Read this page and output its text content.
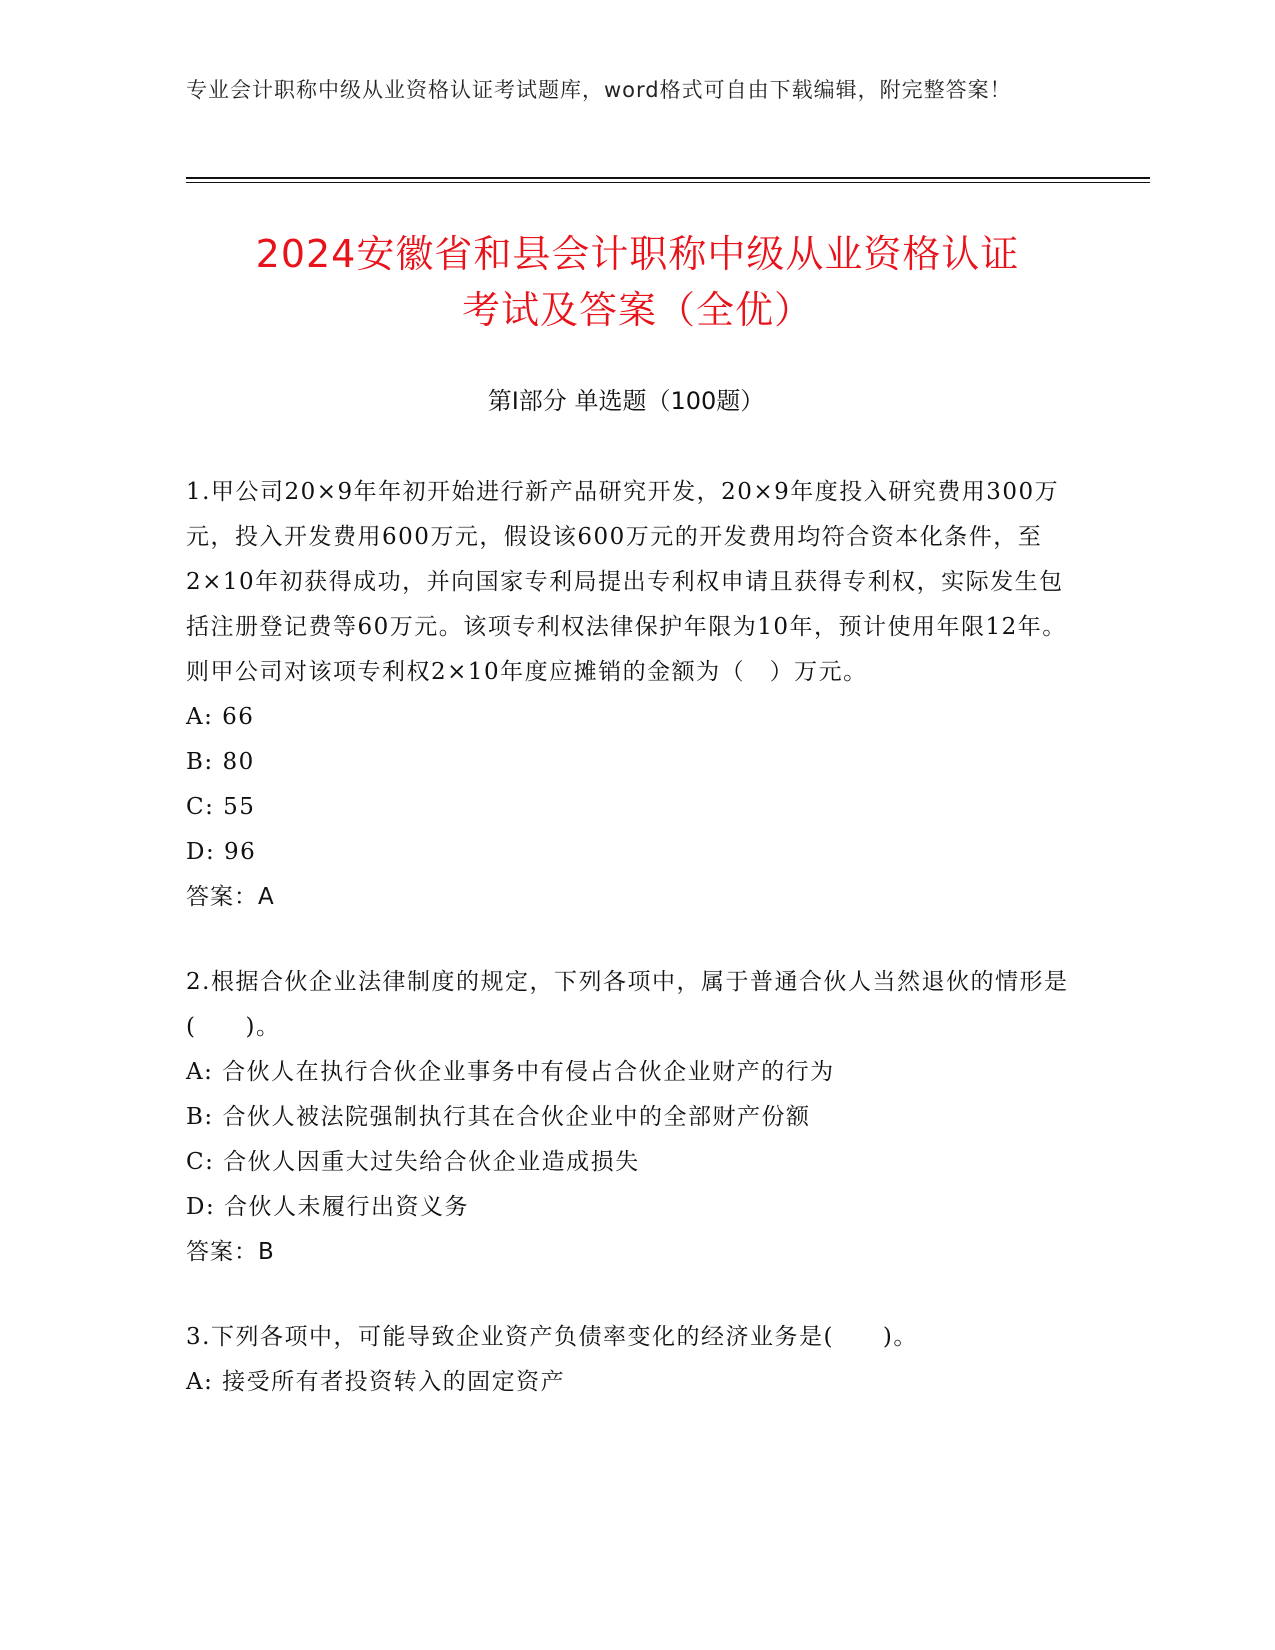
专业会计职称中级从业资格认证考试题库，word格式可自由下载编辑，附完整答案！
2024安徽省和县会计职称中级从业资格认证
考试及答案（全优）
第Ⅰ部分 单选题（100题）
1.甲公司20×9年年初开始进行新产品研究开发，20×9年度投入研究费用300万元，投入开发费用600万元，假设该600万元的开发费用均符合资本化条件，至2×10年初获得成功，并向国家专利局提出专利权申请且获得专利权，实际发生包括注册登记费等60万元。该项专利权法律保护年限为10年，预计使用年限12年。则甲公司对该项专利权2×10年度应摊销的金额为（　）万元。
A: 66
B: 80
C: 55
D: 96
答案：A
2.根据合伙企业法律制度的规定，下列各项中，属于普通合伙人当然退伙的情形是(　　)。
A: 合伙人在执行合伙企业事务中有侵占合伙企业财产的行为
B: 合伙人被法院强制执行其在合伙企业中的全部财产份额
C: 合伙人因重大过失给合伙企业造成损失
D: 合伙人未履行出资义务
答案：B
3.下列各项中，可能导致企业资产负债率变化的经济业务是(　　)。
A: 接受所有者投资转入的固定资产
